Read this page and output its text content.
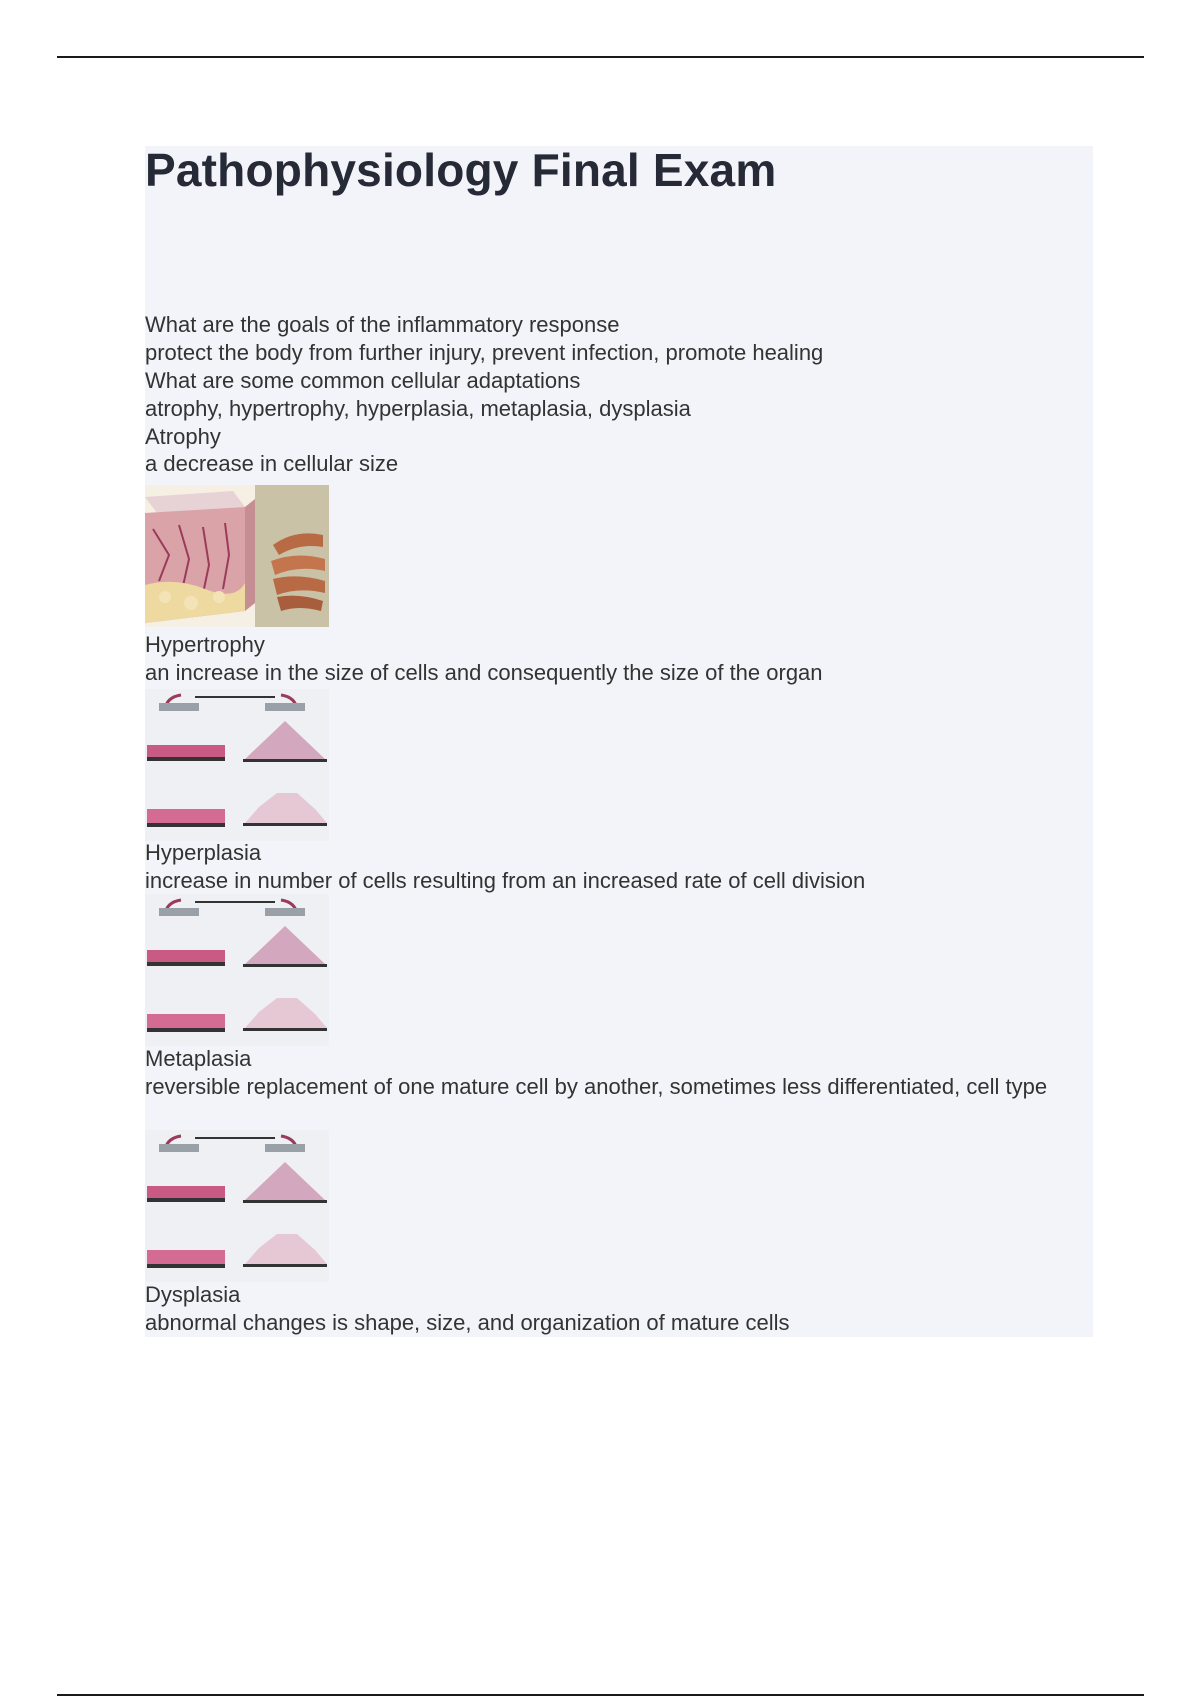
Pathophysiology Final Exam
What are the goals of the inflammatory response
protect the body from further injury, prevent infection, promote healing
What are some common cellular adaptations
atrophy, hypertrophy, hyperplasia, metaplasia, dysplasia
Atrophy
a decrease in cellular size
Hypertrophy
an increase in the size of cells and consequently the size of the organ
Hyperplasia
increase in number of cells resulting from an increased rate of cell division
Metaplasia
reversible replacement of one mature cell by another, sometimes less differentiated, cell type
Dysplasia
abnormal changes is shape, size, and organization of mature cells
